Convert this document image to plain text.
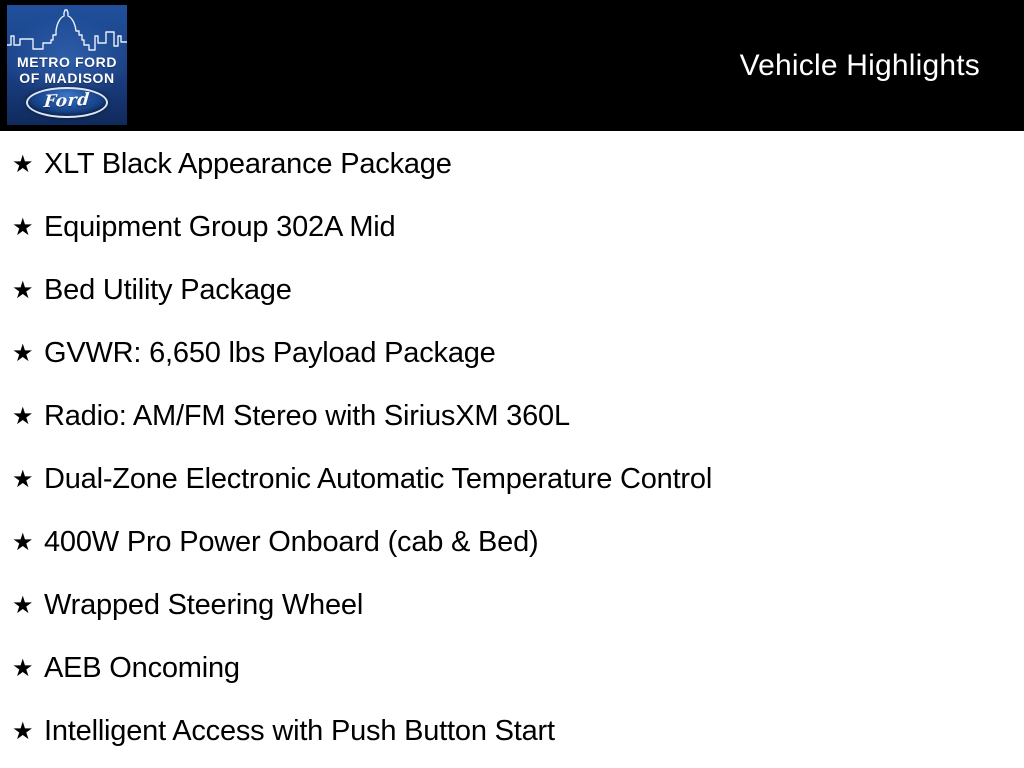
METRO FORD
OF MADISON
Ford
Vehicle Highlights
★ XLT Black Appearance Package
★ Equipment Group 302A Mid
★ Bed Utility Package
★ GVWR: 6,650 lbs Payload Package
★ Radio: AM/FM Stereo with SiriusXM 360L
★ Dual-Zone Electronic Automatic Temperature Control
★ 400W Pro Power Onboard (cab & Bed)
★ Wrapped Steering Wheel
★ AEB Oncoming
★ Intelligent Access with Push Button Start
